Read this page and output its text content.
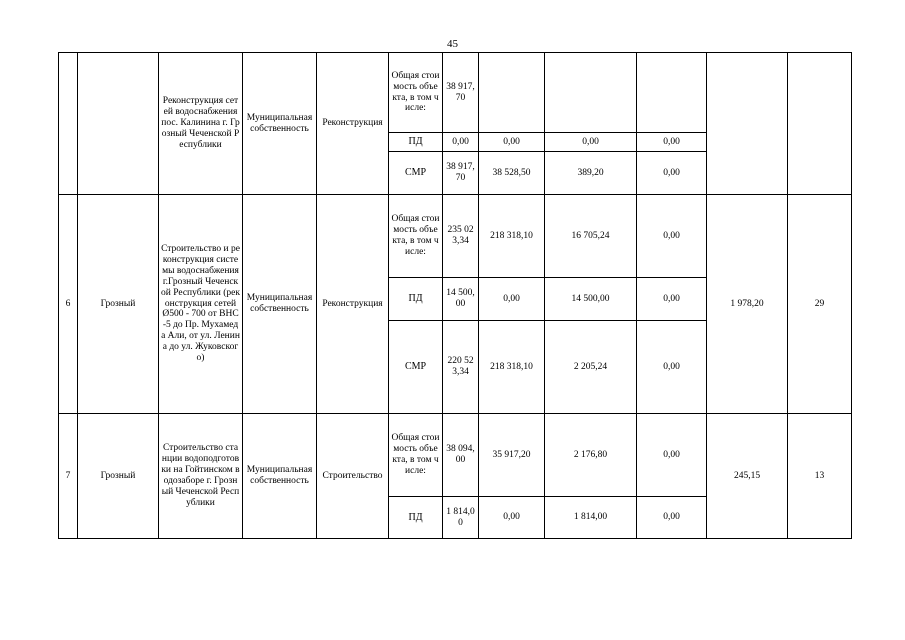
45
		Реконструкция сетей водоснабжения пос. Калинина г. Грозный Чеченской Республики	Муниципальная собственность	Реконструкция	Общая стоимость объекта, в том числе:	38 917,70					
					ПД	0,00	0,00	0,00	0,00		
					СМР	38 917,70	38 528,50	389,20	0,00		
6	Грозный	Строительство и реконструкция системы водоснабжения г.Грозный Чеченской Республики (реконструкция сетей Ø500 - 700 от ВНС -5 до Пр. Мухамеда Али, от ул. Ленина до ул. Жуковского)	Муниципальная собственность	Реконструкция	Общая стоимость объекта, в том числе:	235 023,34	218 318,10	16 705,24	0,00	1 978,20	29
					ПД	14 500,00	0,00	14 500,00	0,00		
					СМР	220 523,34	218 318,10	2 205,24	0,00		
7	Грозный	Строительство станции водоподготовки на Гойтинском водозаборе г. Грозный Чеченской Республики	Муниципальная собственность	Строительство	Общая стоимость объекта, в том числе:	38 094,00	35 917,20	2 176,80	0,00	245,15	13
					ПД	1 814,00	0,00	1 814,00	0,00		
